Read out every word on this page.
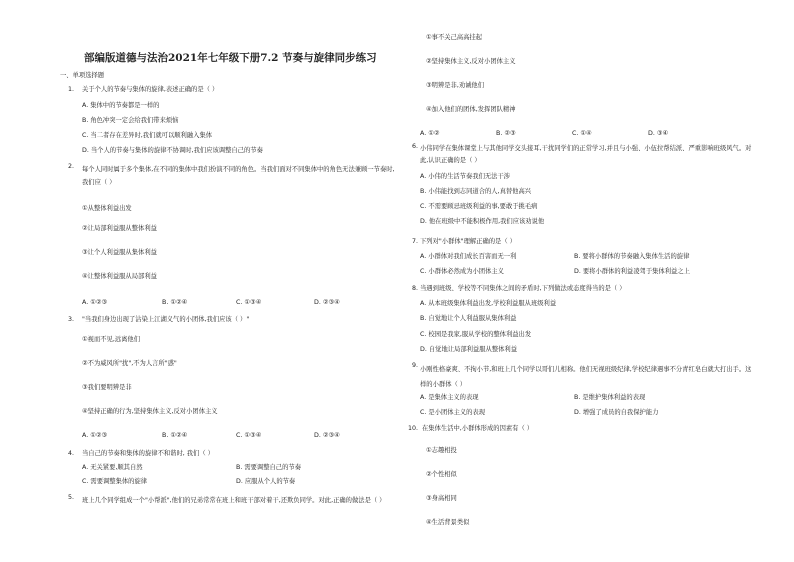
部编版道德与法治2021年七年级下册7.2 节奏与旋律同步练习
一、单项选择题
1. 关于个人的节奏与集体的旋律,表述正确的是（ ）
A. 集体中的节奏都是一样的
B. 角色冲突一定会给我们带来烦恼
C. 当二者存在差异时,我们就可以顺利融入集体
D. 当个人的节奏与集体的旋律不协调时,我们应该调整自己的节奏
2. 每个人同时属于多个集体,在不同的集体中我们扮演不同的角色。当我们面对不同集体中的角色无法兼顾一节奏时,我们应（ ）
①从整体利益出发
②让局部利益服从整体利益
③让个人利益服从集体利益
④让整体利益服从局部利益
A. ①②③	B. ①②④	C. ①③④	D. ②③④
3. "当我们身边出现了沾染上江湖义气的小团体,我们应该（ ）"
①视而不见,远离他们
②不为威风所"扰",不为人言所"惑"
③我们要明辨是非
④坚持正确的行为,坚持集体主义,反对小团体主义
A. ①②③	B. ①②④	C. ①③④	D. ②③④
4. 当自己的节奏和集体的旋律不和谐时, 我们（ ）
A. 无关紧要,顺其自然	B. 需要调整自己的节奏
C. 需要调整集体的旋律	D. 应服从个人的节奏
5. 班上几个同学组成一个"小帮派",他们的兄弟常常在班上和班干部对着干,还欺负同学。对此,正确的做法是（ ）
①事不关己高高挂起
②坚持集体主义,反对小团体主义
③明辨是非,劝诫他们
④加入他们的团体,发挥团队精神
A. ①②	B. ②③	C. ①④	D. ③④
6. 小伟同学在集体课堂上与其他同学交头接耳,干扰同学们的正常学习,并且与小强、小伍拉帮结派、严重影响班级风气。对此,认识正确的是（ ）
A. 小伟的生活节奏我们无法干涉
B. 小伟能找到志同道合的人,真替他高兴
C. 不需要顾忌班级利益的事,要敢于挑毛病
D. 他在班级中不能积极作用,我们应该劝说他
7. 下列对"小群体"理解正确的是（ ）
A. 小群体对我们成长百害而无一利	B. 要将小群体的节奏融入集体生活的旋律
C. 小群体必然成为小团体主义	D. 要将小群体的利益凌驾于集体利益之上
8. 当遇到班级、学校等不同集体之间的矛盾时,下列做法或态度得当的是（ ）
A. 从本班级集体利益出发,学校利益服从班级利益
B. 自觉地让个人利益服从集体利益
C. 校园是我家,服从学校的整体利益出发
D. 自觉地让局部利益服从整体利益
9.
小刚性格豪爽、不拘小节,和班上几个同学以哥们儿相称。他们无视班级纪律,学校纪律遇事不分青红皂白就大打出手。这样的小群体（ ）
A. 是集体主义的表现	B. 是维护集体利益的表现
C. 是小团体主义的表现	D. 增强了成员的自我保护能力
10. 在集体生活中,小群体形成的因素有（ ）
①志趣相投
②个性相似
③身高相同
④生活背景类似
